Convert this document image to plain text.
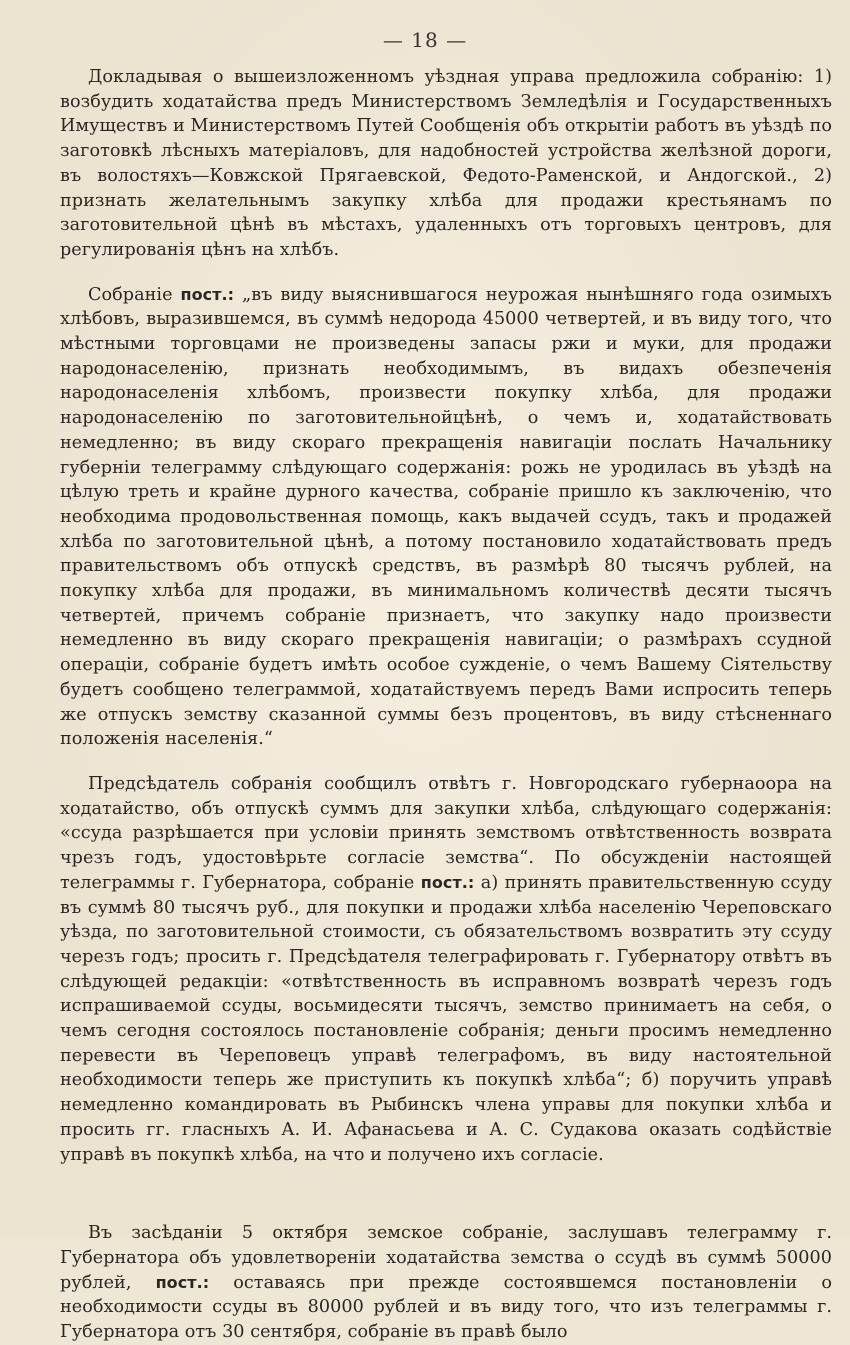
— 18 —

Докладывая о вышеизложенномъ уѣздная управа предложила собранію: 1) возбудить ходатайства предъ Министерствомъ Земледѣлія и Государственныхъ Имуществъ и Министерствомъ Путей Сообщенія объ открытіи работъ въ уѣздѣ по заготовкѣ лѣсныхъ матеріаловъ, для надобностей устройства желѣзной дороги, въ волостяхъ—Ковжской Прягаевской, Федото-Раменской, и Андогской., 2) признать желательнымъ закупку хлѣба для продажи крестьянамъ по заготовительной цѣнѣ въ мѣстахъ, удаленныхъ отъ торговыхъ центровъ, для регулированія цѣнъ на хлѣбъ.

Собраніе пост.: „въ виду выяснившагося неурожая нынѣшняго года озимыхъ хлѣбовъ, выразившемся, въ суммѣ недорода 45000 четвертей, и въ виду того, что мѣстными торговцами не произведены запасы ржи и муки, для продажи народонаселенію, признать необходимымъ, въ видахъ обезпеченія народонаселенія хлѣбомъ, произвести покупку хлѣба, для продажи народонаселенію по заготовительнойцѣнѣ, о чемъ и, ходатайствовать немедленно; въ виду скораго прекращенія навигаціи послать Начальнику губерніи телеграмму слѣдующаго содержанія: рожь не уродилась въ уѣздѣ на цѣлую треть и крайне дурного качества, собраніе пришло къ заключенію, что необходима продовольственная помощь, какъ выдачей ссудъ, такъ и продажей хлѣба по заготовительной цѣнѣ, а потому постановило ходатайствовать предъ правительствомъ объ отпускѣ средствъ, въ размѣрѣ 80 тысячъ рублей, на покупку хлѣба для продажи, въ минимальномъ количествѣ десяти тысячъ четвертей, причемъ собраніе признаетъ, что закупку надо произвести немедленно въ виду скораго прекращенія навигаціи; о размѣрахъ ссудной операціи, собраніе будетъ имѣть особое сужденіе, о чемъ Вашему Сіятельству будетъ сообщено телеграммой, ходатайствуемъ передъ Вами испросить теперь же отпускъ земству сказанной суммы безъ процентовъ, въ виду стѣсненнаго положенія населенія.“

Предсѣдатель собранія сообщилъ отвѣтъ г. Новгородскаго губернаоора на ходатайство, объ отпускѣ суммъ для закупки хлѣба, слѣдующаго содержанія: «ссуда разрѣшается при условіи принять земствомъ отвѣтственность возврата чрезъ годъ, удостовѣрьте согласіе земства“. По обсужденіи настоящей телеграммы г. Губернатора, собраніе пост.: а) принять правительственную ссуду въ суммѣ 80 тысячъ руб., для покупки и продажи хлѣба населенію Череповскаго уѣзда, по заготовительной стоимости, съ обязательствомъ возвратить эту ссуду черезъ годъ; просить г. Предсѣдателя телеграфировать г. Губернатору отвѣтъ въ слѣдующей редакціи: «отвѣтственность въ исправномъ возвратѣ черезъ годъ испрашиваемой ссуды, восьмидесяти тысячъ, земство принимаетъ на себя, о чемъ сегодня состоялось постановленіе собранія; деньги просимъ немедленно перевести въ Череповецъ управѣ телеграфомъ, въ виду настоятельной необходимости теперь же приступить къ покупкѣ хлѣба“; б) поручить управѣ немедленно командировать въ Рыбинскъ члена управы для покупки хлѣба и просить гг. гласныхъ А. И. Афанасьева и А. С. Судакова оказать содѣйствіе управѣ въ покупкѣ хлѣба, на что и получено ихъ согласіе.

Въ засѣданіи 5 октября земское собраніе, заслушавъ телеграмму г. Губернатора объ удовлетвореніи ходатайства земства о ссудѣ въ суммѣ 50000 рублей, пост.: оставаясь при прежде состоявшемся постановленіи о необходимости ссуды въ 80000 рублей и въ виду того, что изъ телеграммы г. Губернатора отъ 30 сентября, собраніе въ правѣ было
